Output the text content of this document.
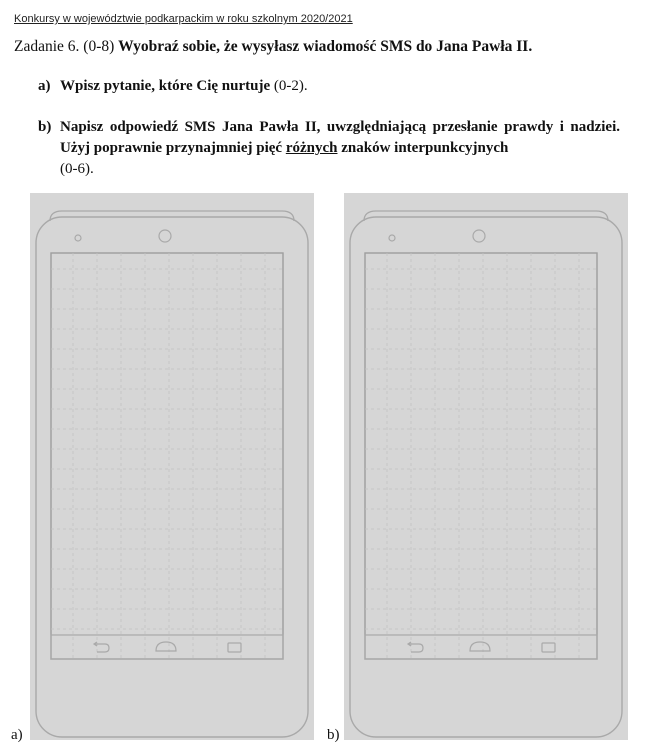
Konkursy w województwie podkarpackim w roku szkolnym 2020/2021
Zadanie 6. (0-8) Wyobraź sobie, że wysyłasz wiadomość SMS do Jana Pawła II.
a) Wpisz pytanie, które Cię nurtuje (0-2).
b) Napisz odpowiedź SMS Jana Pawła II, uwzględniającą przesłanie prawdy i nadziei. Użyj poprawnie przynajmniej pięć różnych znaków interpunkcyjnych
(0-6).
a)	b)
